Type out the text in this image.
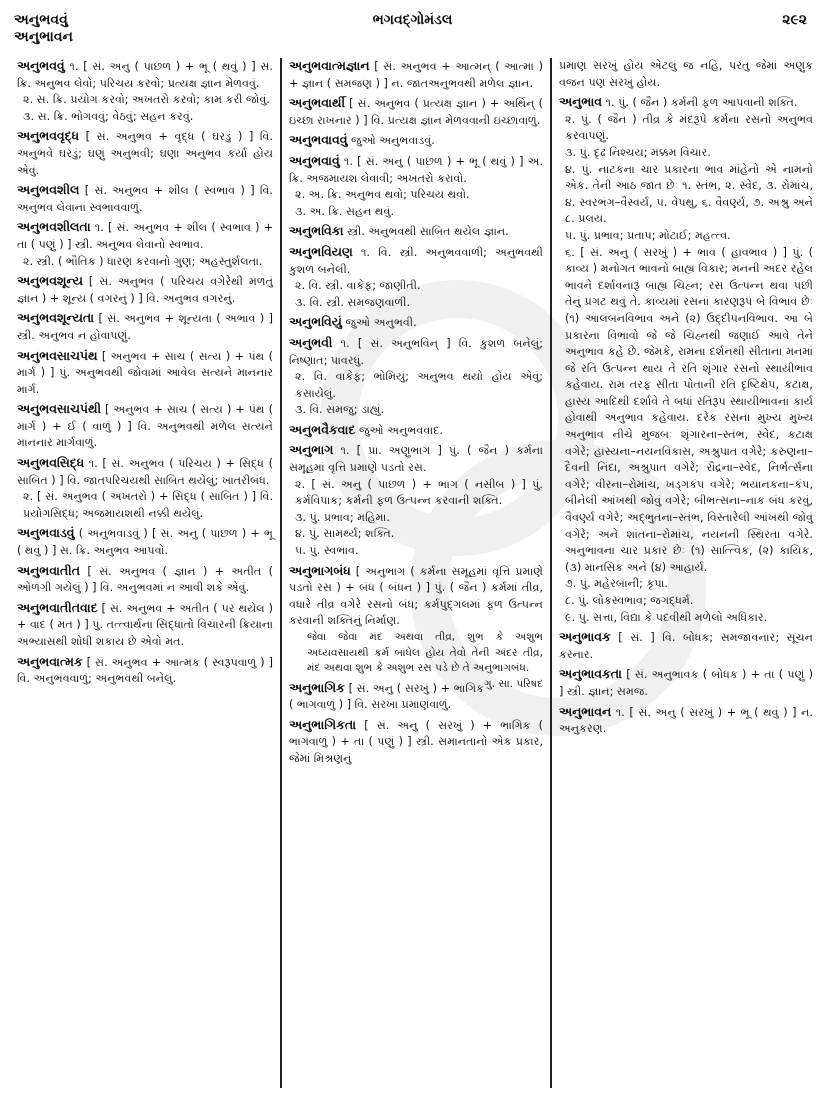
અનુભવવું
અનુભાવન
ભગવદ્ગોમંડલ	૨૯૨
અનુભવવું ૧. [ સં. અનુ ( પાછળ ) + ભૂ ( થવું ) ] સ. ક્રિ. અનુભવ લેવો; પરિચય કરવો; પ્રત્યક્ષ જ્ઞાન મેળવવું.
૨. સ. ક્રિ. પ્રયોગ કરવો; અખતરો કરવો; કામ કરી જોવું.
૩. સ. ક્રિ. ભોગવવું; વેઠવું; સહન કરવું.
અનુભવવૃદ્ધ [ સં. અનુભવ + વૃદ્ધ ( ઘરડું ) ] વિ. અનુભવે ઘરડું; ઘણું અનુભવી; ઘણા અનુભવ કર્યા હોય એવું.
અનુભવશીલ [ સં. અનુભવ + શીલ ( સ્વભાવ ) ] વિ. અનુભવ લેવાના સ્વભાવવાળું.
અનુભવશીલતા ૧. [ સં. અનુભવ + શીલ ( સ્વભાવ ) + તા ( પણું ) ] સ્ત્રી. અનુભવ લેવાનો સ્વભાવ.
૨. સ્ત્રી. ( ભૌતિક ) ધારણ કરવાનો ગુણ; અહસ્તુર્શલતા.
અનુભવશૂન્ય [ સં. અનુભવ ( પરિચય વગેરેથી મળતું જ્ઞાન ) + શૂન્ય ( વગરનું ) ] વિ. અનુભવ વગરનું.
અનુભવશૂન્યતા [ સં. અનુભવ + શૂન્યતા ( અભાવ ) ] સ્ત્રી. અનુભવ ન હોવાપણું.
અનુભવસાચપંથ [ અનુભવ + સાચ ( સત્ય ) + પંથ ( માર્ગ ) ] પું. અનુભવથી જોવામાં આવેલ સત્યને માનનાર માર્ગ.
અનુભવસાચપંથી [ અનુભવ + સાચ ( સત્ય ) + પંથ ( માર્ગ ) + ઈ ( વાળું ) ] વિ. અનુભવથી મળેલ સત્યને માનનાર માર્ગવાળું.
અનુભવસિદ્ધ ૧. [ સં. અનુભવ ( પરિચય ) + સિદ્ધ ( સાબિત ) ] વિ. જાતપરિચયથી સાબિત થયેલું; ખાતરીબંધ.
૨. [ સં. અનુભવ ( અખતરો ) + સિદ્ધ ( સાબિત ) ] વિ. પ્રયોગસિદ્ધ; અજમાયશથી નક્કી થયેલું.
અનુભવાડવું ( અનુભવાડવું ) [ સં. અનુ ( પાછળ ) + ભૂ ( થવું ) ] સ. ક્રિ. અનુભવ આપવો.
અનુભવાતીત [ સં. અનુભવ ( જ્ઞાન ) + અતીત ( ઓળંગી ગયેલું ) ] વિ. અનુભવમાં ન આવી શકે એવું.
અનુભવાતીતવાદ [ સં. અનુભવ + અતીત ( પર થયેલ ) + વાદ ( મત ) ] પું. તત્ત્વાર્થના સિદ્ધાંતો વિચારની ક્રિયાના અભ્યાસથી શોધી શકાય છે એવો મત.
અનુભવાત્મક [ સં. અનુભવ + આત્મક ( સ્વરૂપવાળું ) ] વિ. અનુભવવાળું; અનુભવથી બનેલું.
અનુભવાત્મજ્ઞાન [ સં. અનુભવ + આત્મન્ ( આત્મા ) + જ્ઞાન ( સમજણ ) ] ન. જાતઅનુભવથી મળેલ જ્ઞાન.
અનુભવાર્થી [ સં. અનુભવ ( પ્રત્યક્ષ જ્ઞાન ) + અર્થિન્ ( ઇચ્છા રાખનાર ) ] વિ. પ્રત્યક્ષ જ્ઞાન મેળવવાની ઇચ્છાવાળું.
અનુભવાવવું જુઓ અનુભવાડવું.
અનુભવાવું ૧. [ સં. અનુ ( પાછળ ) + ભૂ ( થવું ) ] અ. ક્રિ. અજમાયશ લેવાવી; અખતરો કરાવો.
૨. અ. ક્રિ. અનુભવ થવો; પરિચય થવો.
૩. અ. ક્રિ. સહન થવું.
અનુભવિકા સ્ત્રી. અનુભવથી સાબિત થયેલ જ્ઞાન.
અનુભવિયણ ૧. વિ. સ્ત્રી. અનુભવવાળી; અનુભવથી કુશળ બનેલી.
૨. વિ. સ્ત્રી. વાકેફ; જાણીતી.
૩. વિ. સ્ત્રી. સમજણવાળી.
અનુભવિયું જુઓ અનુભવી.
અનુભવી ૧. [ સં. અનુભવિન્ ] વિ. કુશળ બનેલું; નિષ્ણાત; પાવરધું.
૨. વિ. વાકેફ; ભોમિયું; અનુભવ થયો હોય એવું; કસાયેલું.
૩. વિ. સમજુ; ડાહ્યું.
અનુભવૈકવાદ જુઓ અનુભવવાદ.
અનુભાગ ૧. [ પ્રા. અણુભાગ ] પું. ( જૈન ) કર્મના સમૂહમાં વૃત્તિ પ્રમાણે પડતો રસ.
૨. [ સં. અનુ ( પાછળ ) + ભાગ ( નસીબ ) ] પું. કર્મવિપાક; કર્મની ફળ ઉત્પન્ન કરવાની શક્તિ.
૩. પું. પ્રભાવ; મહિમા.
૪. પું. સામર્થ્ય; શક્તિ.
૫. પું. સ્વભાવ.
અનુભાગબંધ [ અનુભાગ ( કર્મના સમૂહમાં વૃત્તિ પ્રમાણે પડતો રસ ) + બંધ ( બંધન ) ] પું. ( જૈન ) કર્મમાં તીવ્ર, વધારે તીવ્ર વગેરે રસનો બંધ; કર્મપુદ્ગલમાં ફળ ઉત્પન્ન કરવાની શક્તિનું નિર્માણ.
જેવા જેવા મંદ અથવા તીવ્ર, શુભ કે અશુભ અધ્યવસાયથી કર્મ બાંધેલ હોય તેવો તેની અંદર તીવ્ર, મંદ અથવા શુભ કે અશુભ રસ પડે છે તે અનુભાગબંધ.
ગુ. સા. પરિષદ
અનુભાગિક [ સં. અનુ ( સરખું ) + ભાગિક ( ભાગવાળું ) ] વિ. સરખા પ્રમાણવાળું.
અનુભાગિકતા [ સં. અનુ ( સરખું ) + ભાગિક ( ભાગવાળું ) + તા ( પણું ) ] સ્ત્રી. સમાનતાનો એક પ્રકાર, જેમાં મિશ્રણનું
પ્રમાણ સરખું હોય એટલું જ નહિ, પરંતુ જેમાં અણુક વજન પણ સરખું હોય.
અનુભાવ ૧. પું. ( જૈન ) કર્મની ફળ આપવાની શક્તિ.
૨. પું. ( જૈન ) તીવ્ર કે મંદરૂપે કર્મના રસનો અનુભવ કરવાપણું.
૩. પું. દૃઢ નિશ્ચય; મક્કમ વિચાર.
૪. પું. નાટકના ચાર પ્રકારના ભાવ માંહેનો એ નામનો એક. તેની આઠ જાત છેઃ ૧. સ્તંભ, ૨. સ્વેદ, ૩. રોમાંચ, ૪. સ્વરભંગ–વૈસ્વર્ય, ૫. વેપથુ, ૬. વૈવર્ણ્ય, ૭. અશ્રુ અને ૮. પ્રલય.
૫. પું. પ્રભાવ; પ્રતાપ; મોટાઈ; મહત્ત્વ.
૬. [ સં. અનુ ( સરખું ) + ભાવ ( હાવભાવ ) ] પું. ( કાવ્ય ) મનોગત ભાવનો બાહ્ય વિકાર; મનની અંદર રહેલ ભાવને દર્શાવનારૂં બાહ્ય ચિહ્ન; રસ ઉત્પન્ન થવા પછી તેનું પ્રગટ થવું તે. કાવ્યમાં રસનાં કારણરૂપ બે વિભાવ છેઃ (૧) આલંબનવિભાવ અને (૨) ઉદ્દીપનવિભાવ. આ બે પ્રકારના વિભાવો જે જે ચિહ્નથી જણાઈ આવે તેને અનુભાવ કહે છે. જેમકે, રામના દર્શનથી સીતાના મનમાં જે રતિ ઉત્પન્ન થાય તે રતિ શૃંગાર રસનો સ્થાયીભાવ કહેવાય. રામ તરફ સીતા પોતાની રતિ દૃષ્ટિક્ષેપ, કટાક્ષ, હાસ્ય આદિથી દર્શાવે તે બધાં રતિરૂપ સ્થાયીભાવનાં કાર્ય હોવાથી અનુભાવ કહેવાય. દરેક રસના મુખ્ય મુખ્ય અનુભાવ નીચે મુજબઃ શૃંગારના–સ્તંભ, સ્વેદ, કટાક્ષ વગેરે; હાસ્યના–નયનવિકાસ, અશ્રુપાત વગેરે; કરુણના–દૈવની નિંદા, અશ્રુપાત વગેરે; રૌદ્રના–સ્વેદ, નિર્ભર્ત્સના વગેરે; વીરના–રોમાંચ, ખડ્ગકંપ વગેરે; ભયાનકના–કંપ, બીનેલી આંખથી જોવું વગેરે; બીભત્સના–નાક બંધ કરવું, વૈવર્ણ્ય વગેરે; અદ્ભુતના–સ્તંભ, વિસ્તારેલી આંખથી જોવું વગેરે; અને શાંતના–રોમાંચ, નયનની સ્થિરતા વગેરે. અનુભાવના ચાર પ્રકાર છેઃ (૧) સાત્ત્વિક, (૨) કાયિક, (૩) માનસિક અને (૪) આહાર્ય.
૭. પું. મહેરબાની; કૃપા.
૮. પું. લોકસ્વભાવ; જગદ્ધર્મ.
૯. પું. સત્તા, વિદ્યા કે પદવીથી મળેલો અધિકાર.
અનુભાવક [ સં. ] વિ. બોધક; સમજાવનાર; સૂચન કરનાર.
અનુભાવકતા [ સં. અનુભાવક ( બોધક ) + તા ( પણું ) ] સ્ત્રી. જ્ઞાન; સમજ.
અનુભાવન ૧. [ સં. અનુ ( સરખું ) + ભૂ ( થવું ) ] ન. અનુકરણ.
